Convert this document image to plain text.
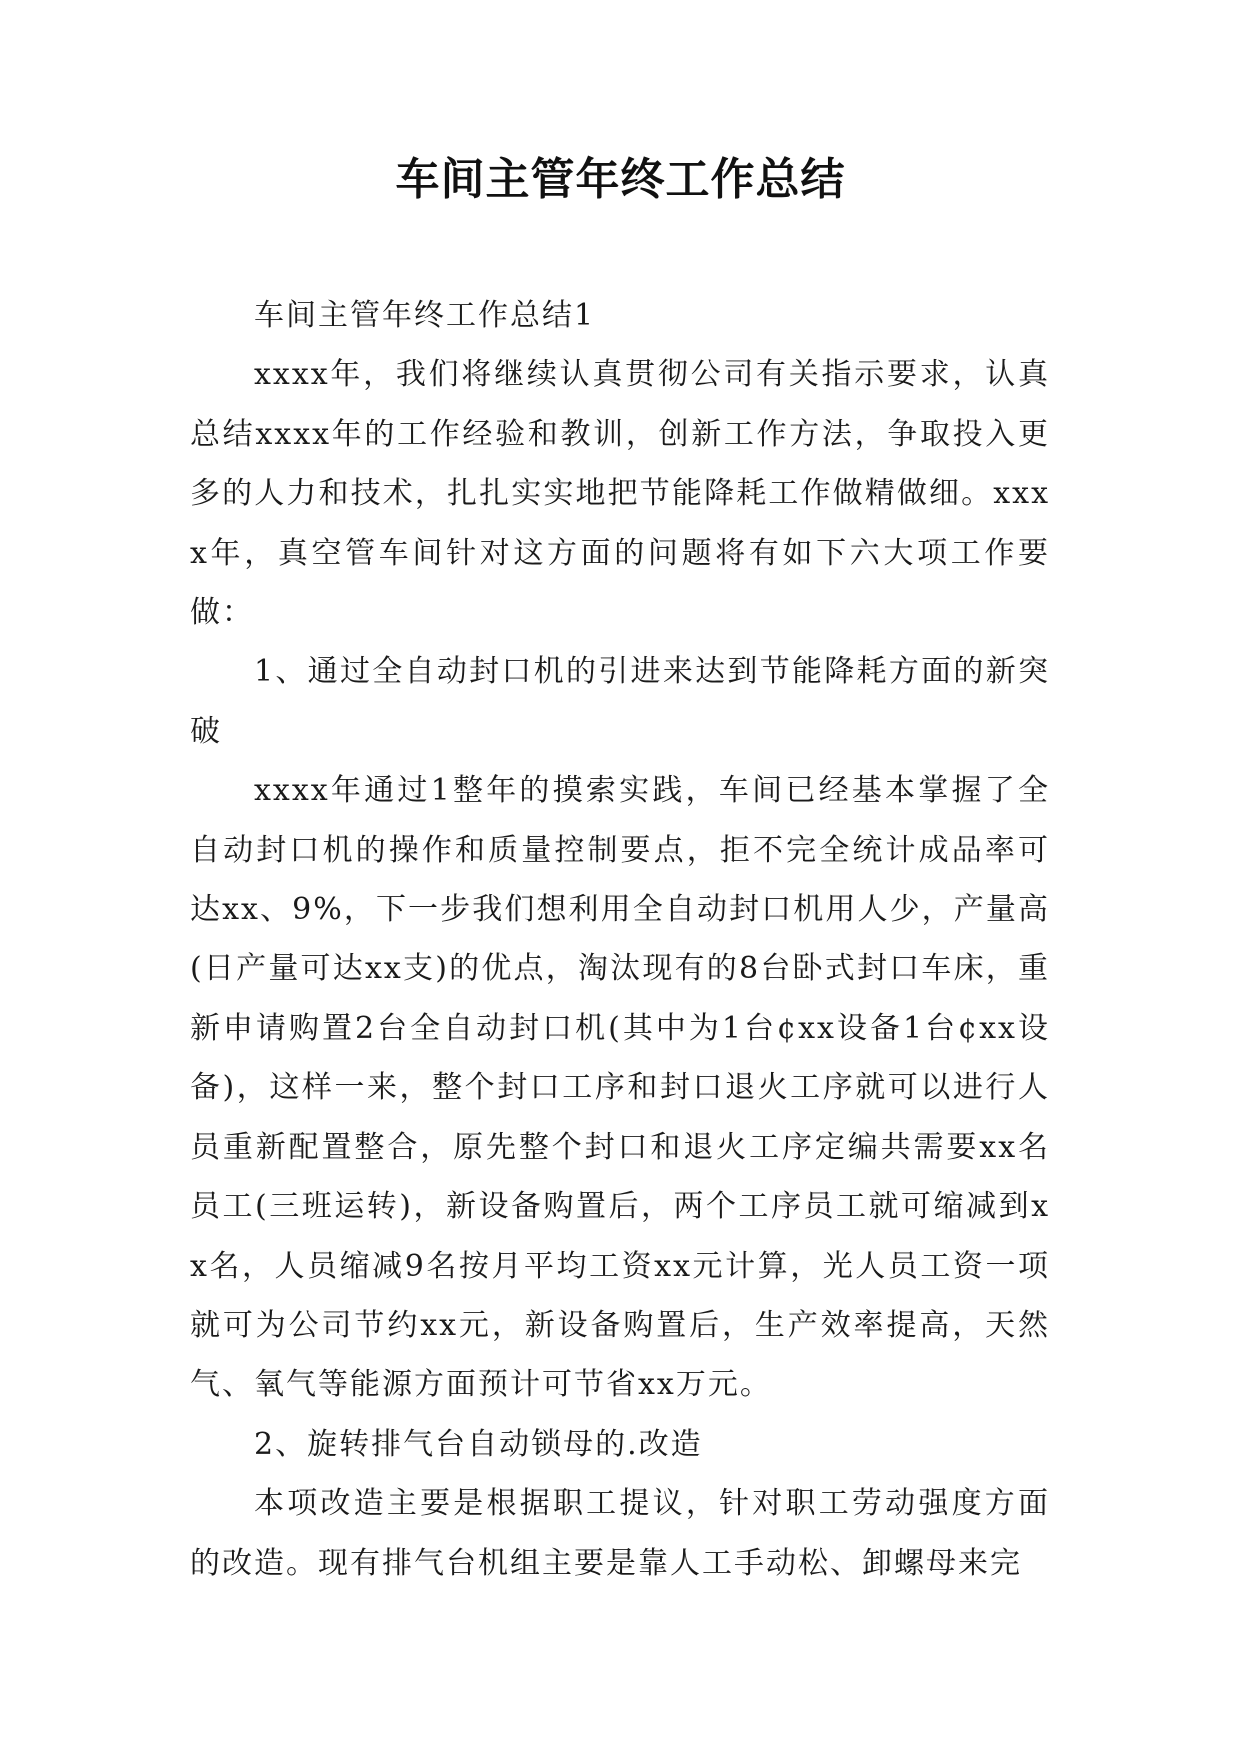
车间主管年终工作总结

车间主管年终工作总结1

xxxx年，我们将继续认真贯彻公司有关指示要求，认真总结xxxx年的工作经验和教训，创新工作方法，争取投入更多的人力和技术，扎扎实实地把节能降耗工作做精做细。xxxx年，真空管车间针对这方面的问题将有如下六大项工作要做：

1、通过全自动封口机的引进来达到节能降耗方面的新突破

xxxx年通过1整年的摸索实践，车间已经基本掌握了全自动封口机的操作和质量控制要点，拒不完全统计成品率可达xx、9%，下一步我们想利用全自动封口机用人少，产量高(日产量可达xx支)的优点，淘汰现有的8台卧式封口车床，重新申请购置2台全自动封口机(其中为1台¢xx设备1台¢xx设备)，这样一来，整个封口工序和封口退火工序就可以进行人员重新配置整合，原先整个封口和退火工序定编共需要xx名员工(三班运转)，新设备购置后，两个工序员工就可缩减到xx名，人员缩减9名按月平均工资xx元计算，光人员工资一项就可为公司节约xx元，新设备购置后，生产效率提高，天然气、氧气等能源方面预计可节省xx万元。

2、旋转排气台自动锁母的.改造

本项改造主要是根据职工提议，针对职工劳动强度方面的改造。现有排气台机组主要是靠人工手动松、卸螺母来完
